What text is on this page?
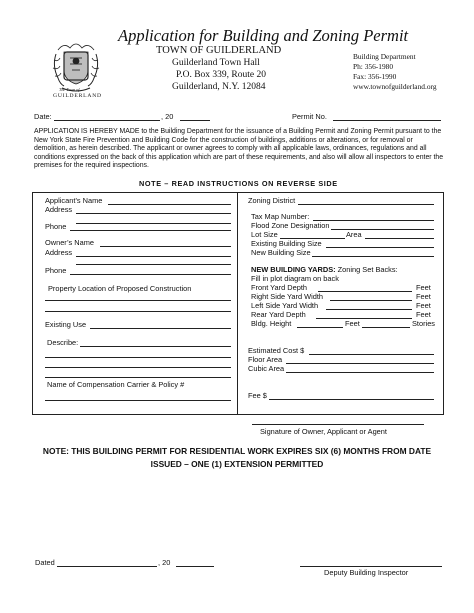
Application for Building and Zoning Permit
The Town of
GUILDERLAND
TOWN OF GUILDERLAND
Guilderland Town Hall
P.O. Box 339, Route 20
Guilderland, N.Y. 12084
Building Department
Ph: 356-1980
Fax: 356-1990
www.townofguilderland.org
Date:	, 20	Permit No.
APPLICATION IS HEREBY MADE to the Building Department for the issuance of a Building Permit and Zoning Permit pursuant to the New York State Fire Prevention and Building Code for the construction of buildings, additions or alterations, or for removal or demolition, as herein described. The applicant or owner agrees to comply with all applicable laws, ordinances, regulations and all conditions expressed on the back of this application which are part of these requirements, and also will allow all inspectors to enter the premises for the required inspections.
NOTE – READ INSTRUCTIONS ON REVERSE SIDE
Applicant’s Name
Address
Phone
Owner’s Name
Address
Phone
Property Location of Proposed Construction
Existing Use
Describe:
Name of Compensation Carrier & Policy #
Zoning District
Tax Map Number:
Flood Zone Designation
Lot Size	Area
Existing Building Size
New Building Size
NEW BUILDING YARDS: Zoning Set Backs:
Fill in plot diagram on back
Front Yard Depth	Feet
Right Side Yard Width	Feet
Left Side Yard Width	Feet
Rear Yard Depth	Feet
Bldg. Height	Feet	Stories
Estimated Cost $
Floor Area
Cubic Area
Fee $
Signature of Owner, Applicant or Agent
NOTE: THIS BUILDING PERMIT FOR RESIDENTIAL WORK EXPIRES SIX (6) MONTHS FROM DATE
ISSUED – ONE (1) EXTENSION PERMITTED
Dated	, 20
Deputy Building Inspector
